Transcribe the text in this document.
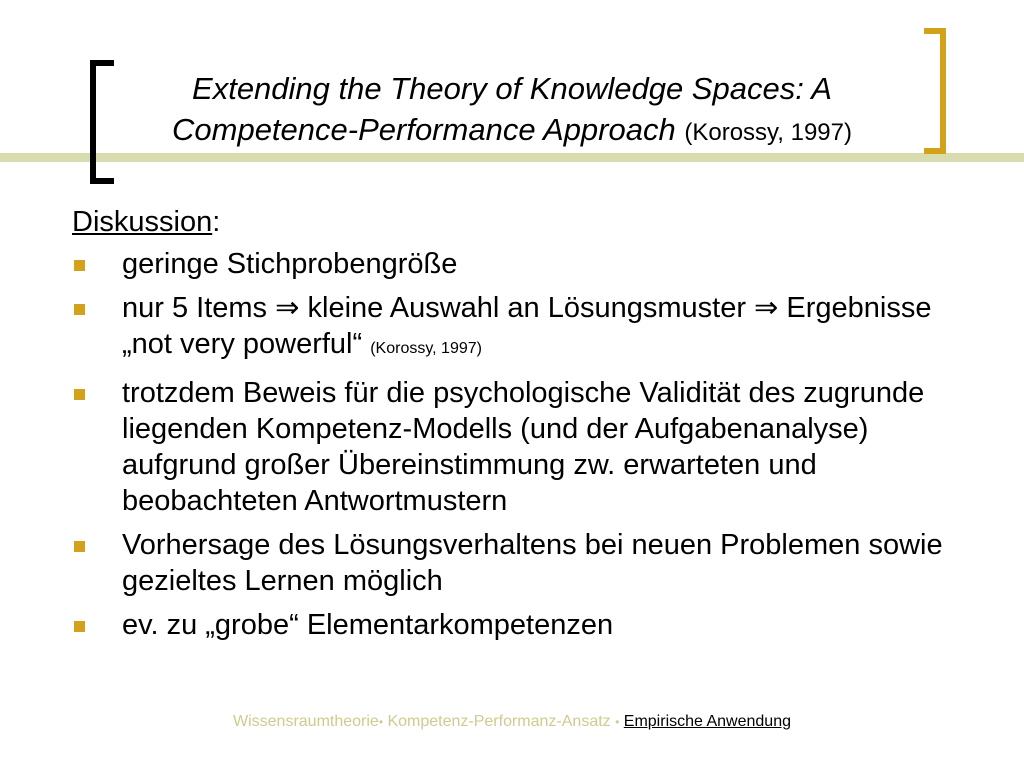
Extending the Theory of Knowledge Spaces: A Competence-Performance Approach (Korossy, 1997)
Diskussion:
geringe Stichprobengröße
nur 5 Items ⇒ kleine Auswahl an Lösungsmuster ⇒ Ergebnisse „not very powerful“ (Korossy, 1997)
trotzdem Beweis für die psychologische Validität des zugrunde liegenden Kompetenz-Modells (und der Aufgabenanalyse) aufgrund großer Übereinstimmung zw. erwarteten und beobachteten Antwortmustern
Vorhersage des Lösungsverhaltens bei neuen Problemen sowie gezieltes Lernen möglich
ev. zu „grobe“ Elementarkompetenzen
Wissensraumtheorie• Kompetenz-Performanz-Ansatz • Empirische Anwendung
